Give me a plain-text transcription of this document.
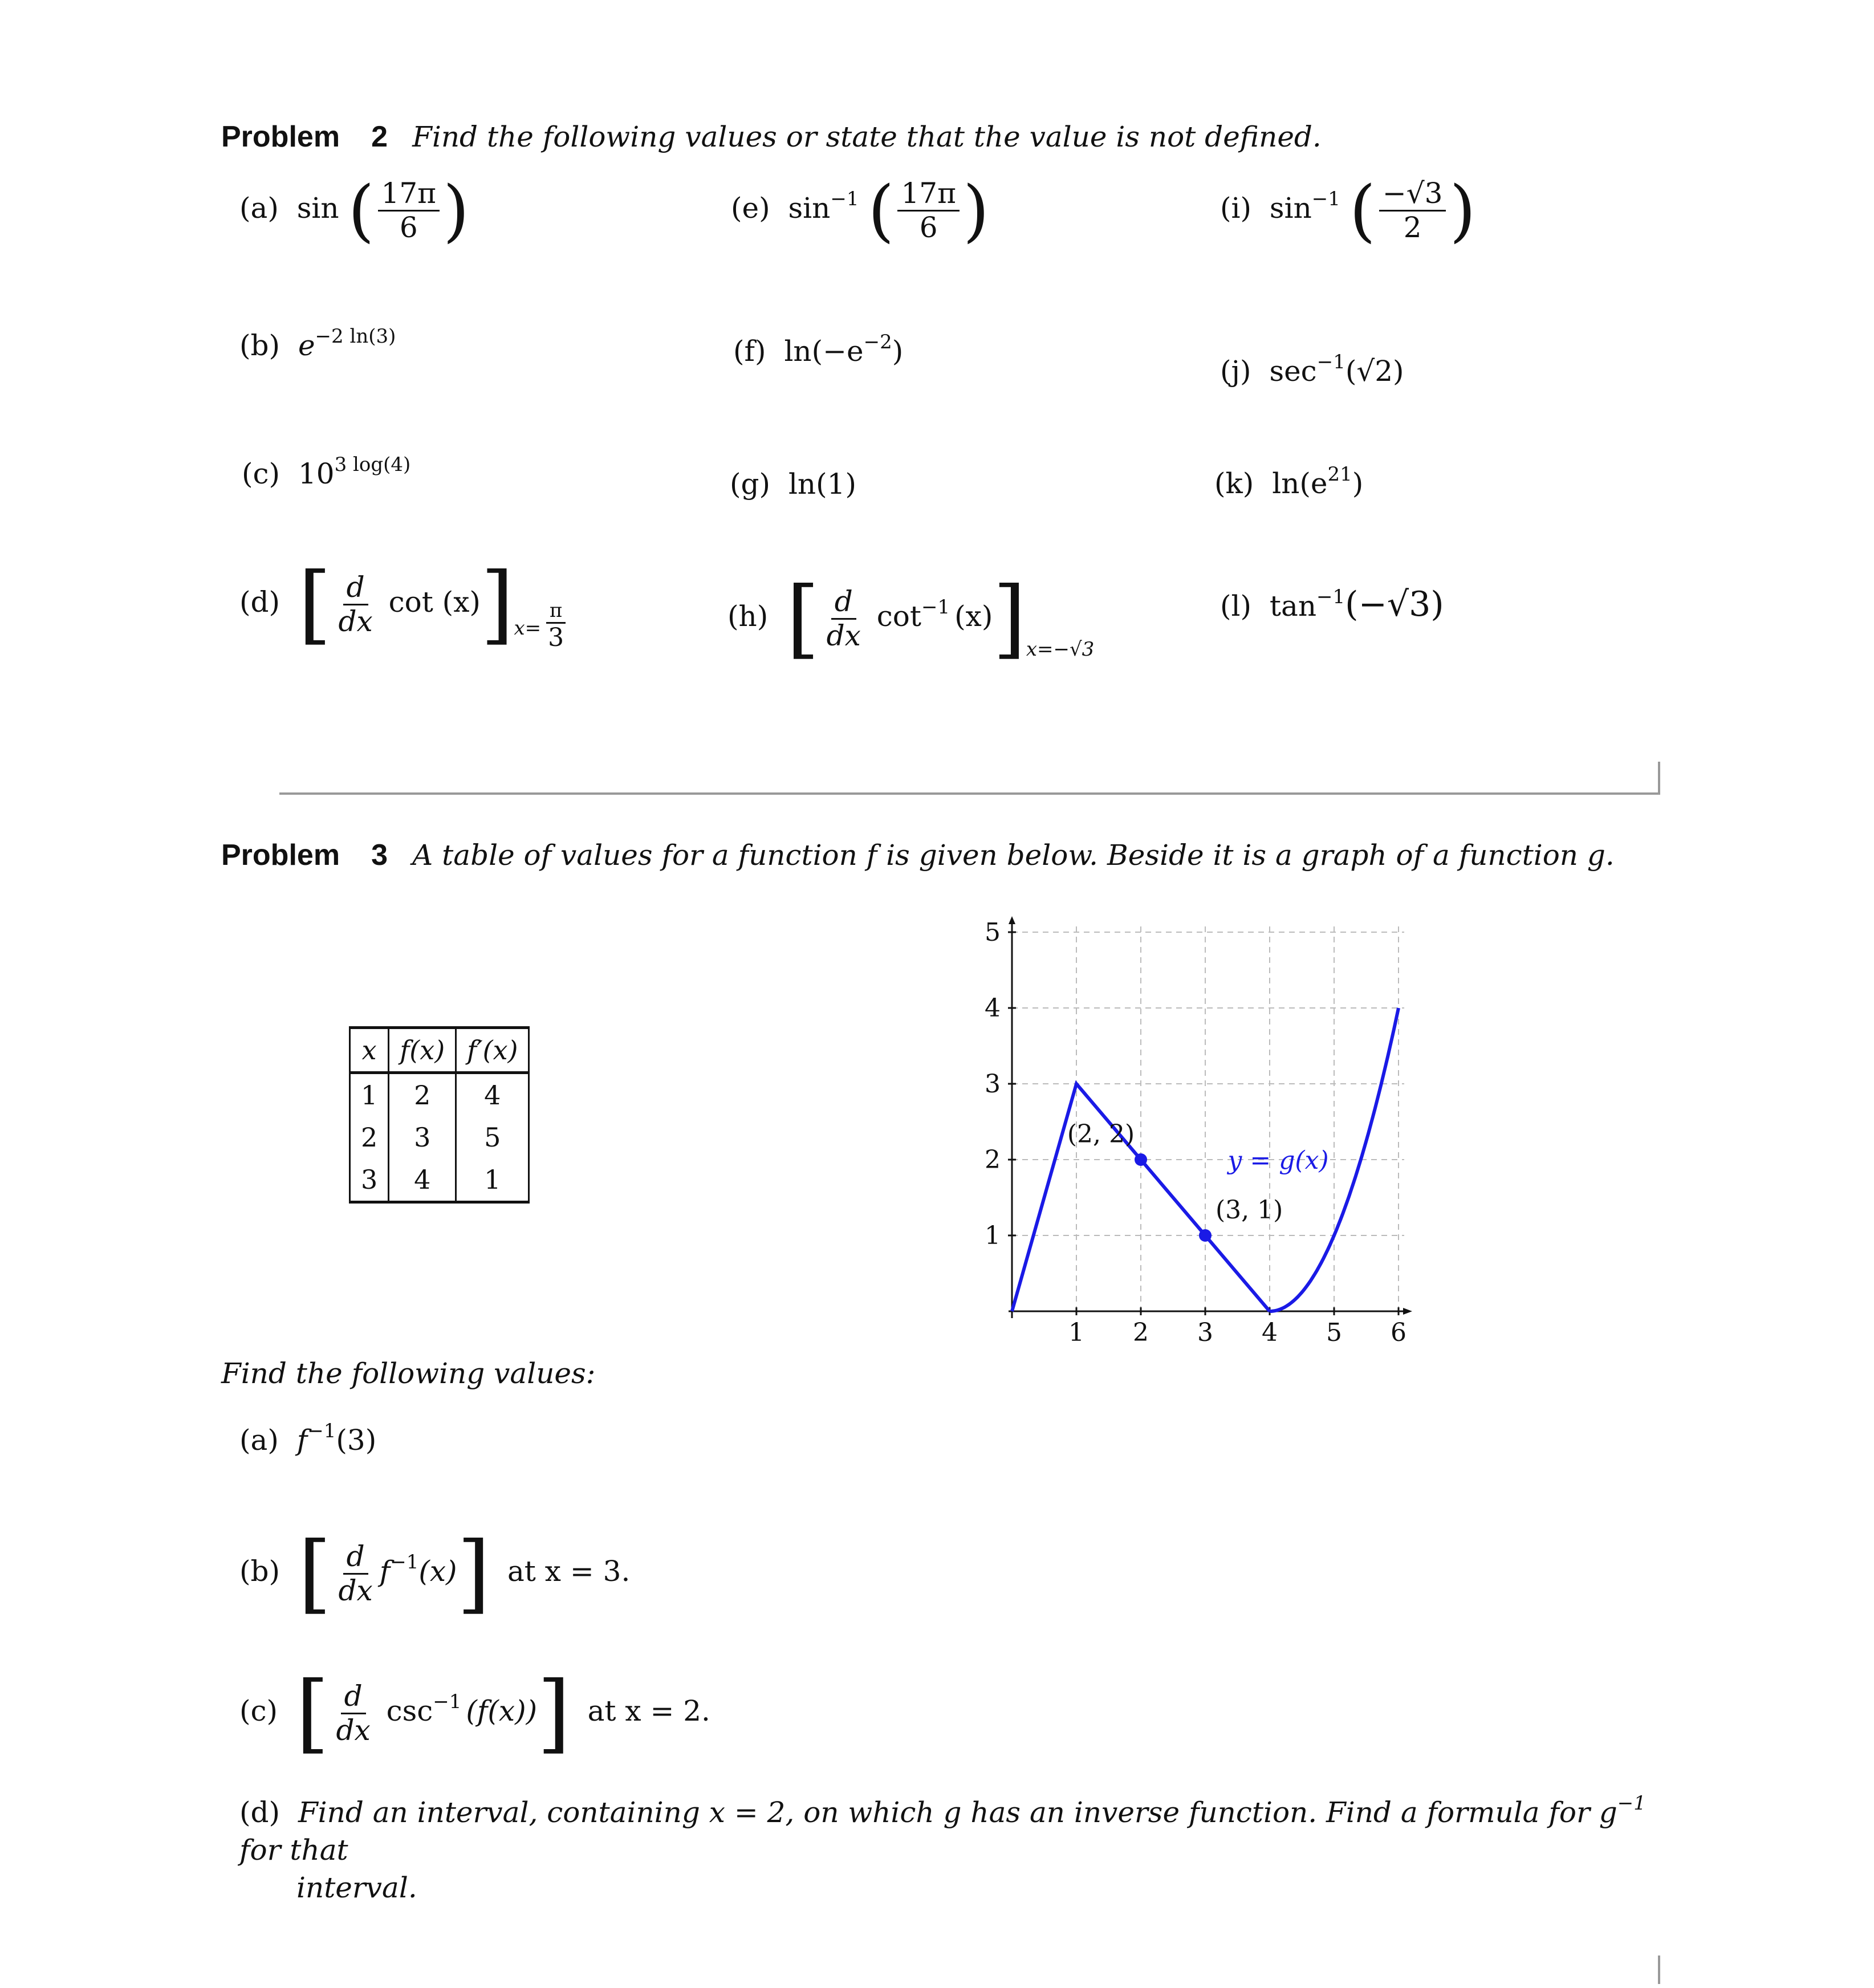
Problem 2 Find the following values or state that the value is not defined.
(a) sin ( $\frac{17\pi}{6}$ )	(e) $\sin^{-1}$ ( $\frac{17\pi}{6}$ )	(i) $\sin^{-1}$ ( $\frac{-√3}{2}$ )
(b) $e^{-2 ln(3)}$	(f) $\ln(-e^{-2})$
(j) $\sec^{-1}(√2)$
(c) $10^{3 log(4)}$
(g) ln(1)	(k) $\ln(e^{21})$
(d) [ $\frac{d}{dx}$ $\cot (x)]_{x=} \frac{\pi}{3}$	(h) [ $\frac{d}{dx} \cot^{-1} (x)]_{x=-√3}$
(l) $\tan^{-1}(-√3)$
Problem 3 A table of values for a function f is given below. Beside it is a graph of a function g.
x	f(x)	f′(x)
1	2	4
2	3	5
3	4	1
1 2 3 4 5 6
1
2
3
4
5
(2, 2)
(3, 1)
y = g(x)
Find the following values:
(a) $f^{-1}(3)$
(b) [ $\frac{d}{dx} f^{-1}(x)$] at x = 3.
(c) [ $\frac{d}{dx} \csc^{-1} (f(x))$] at x = 2.
(d) Find an interval, containing x = 2, on which g has an inverse function. Find a formula for $g^{-1}$ for that
interval.
